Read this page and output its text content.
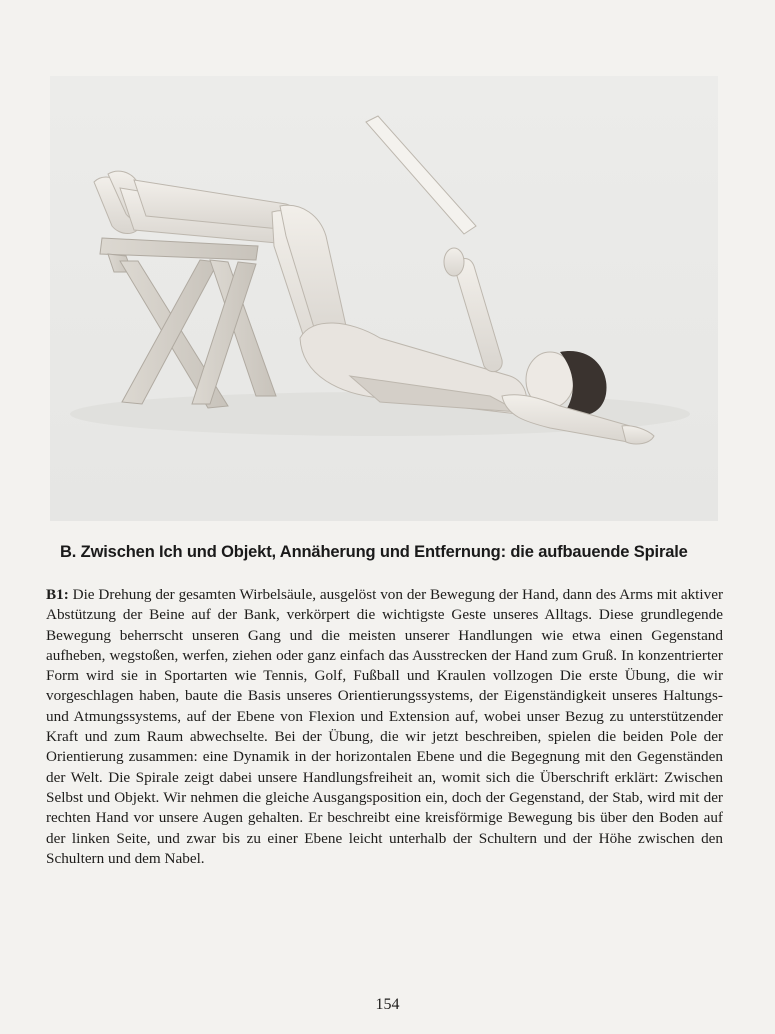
B. Zwischen Ich und Objekt, Annäherung und Entfernung: die aufbauende Spirale

B1: Die Drehung der gesamten Wirbelsäule, ausgelöst von der Bewegung der Hand, dann des Arms mit aktiver Abstützung der Beine auf der Bank, verkörpert die wichtigste Geste unseres Alltags. Diese grundlegende Bewegung beherrscht unseren Gang und die meisten unserer Handlungen wie etwa einen Gegenstand aufheben, wegstoßen, werfen, ziehen oder ganz einfach das Ausstrecken der Hand zum Gruß. In konzentrierter Form wird sie in Sportarten wie Tennis, Golf, Fußball und Kraulen vollzogen Die erste Übung, die wir vorgeschlagen haben, baute die Basis unseres Orientierungssystems, der Eigenständigkeit unseres Haltungs- und Atmungssystems, auf der Ebene von Flexion und Extension auf, wobei unser Bezug zu unterstützender Kraft und zum Raum abwechselte. Bei der Übung, die wir jetzt beschreiben, spielen die beiden Pole der Orientierung zusammen: eine Dynamik in der horizontalen Ebene und die Begegnung mit den Gegenständen der Welt. Die Spirale zeigt dabei unsere Handlungsfreiheit an, womit sich die Überschrift erklärt: Zwischen Selbst und Objekt. Wir nehmen die gleiche Ausgangsposition ein, doch der Gegenstand, der Stab, wird mit der rechten Hand vor unsere Augen gehalten. Er beschreibt eine kreisförmige Bewegung bis über den Boden auf der linken Seite, und zwar bis zu einer Ebene leicht unterhalb der Schultern und der Höhe zwischen den Schultern und dem Nabel.

154
